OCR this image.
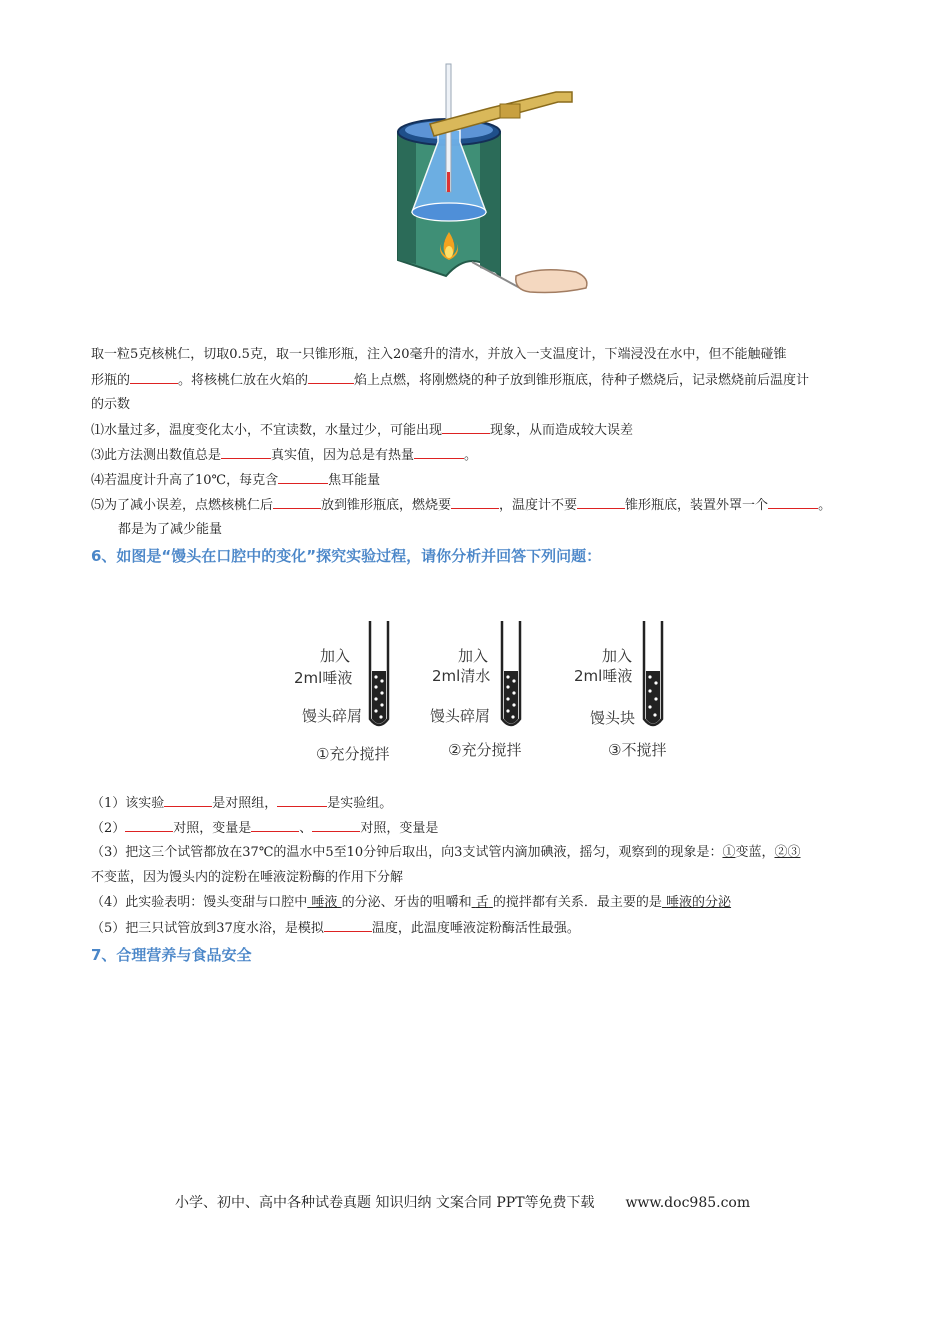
取一粒5克核桃仁，切取0.5克，取一只锥形瓶，注入20毫升的清水，并放入一支温度计，下端浸没在水中，但不能触碰锥
形瓶的	。将核桃仁放在火焰的	焰上点燃，将刚燃烧的种子放到锥形瓶底，待种子燃烧后，记录燃烧前后温度计
的示数
⑴水量过多，温度变化太小，不宜读数，水量过少，可能出现	现象，从而造成较大误差
⑶此方法测出数值总是	真实值，因为总是有热量	。
⑷若温度计升高了10℃，每克含	焦耳能量
⑸为了减小误差，点燃核桃仁后	放到锥形瓶底，燃烧要	，温度计不要	锥形瓶底，装置外罩一个	。
都是为了减少能量
6、如图是“馒头在口腔中的变化”探究实验过程，请你分析并回答下列问题：
加入
2ml唾液
馒头碎屑
①充分搅拌
加入
2ml清水
馒头碎屑
②充分搅拌
加入
2ml唾液
馒头块
③不搅拌
（1）该实验	是对照组，	是实验组。
（2）	对照，变量是	、	对照，变量是
（3）把这三个试管都放在37℃的温水中5至10分钟后取出，向3支试管内滴加碘液，摇匀，观察到的现象是：①变蓝，②③
不变蓝，因为馒头内的淀粉在唾液淀粉酶的作用下分解
（4）此实验表明：馒头变甜与口腔中 唾液 的分泌、牙齿的咀嚼和 舌 的搅拌都有关系．最主要的是 唾液的分泌
（5）把三只试管放到37度水浴，是模拟	温度，此温度唾液淀粉酶活性最强。
7、合理营养与食品安全
小学、初中、高中各种试卷真题 知识归纳 文案合同 PPT等免费下载 www.doc985.com
